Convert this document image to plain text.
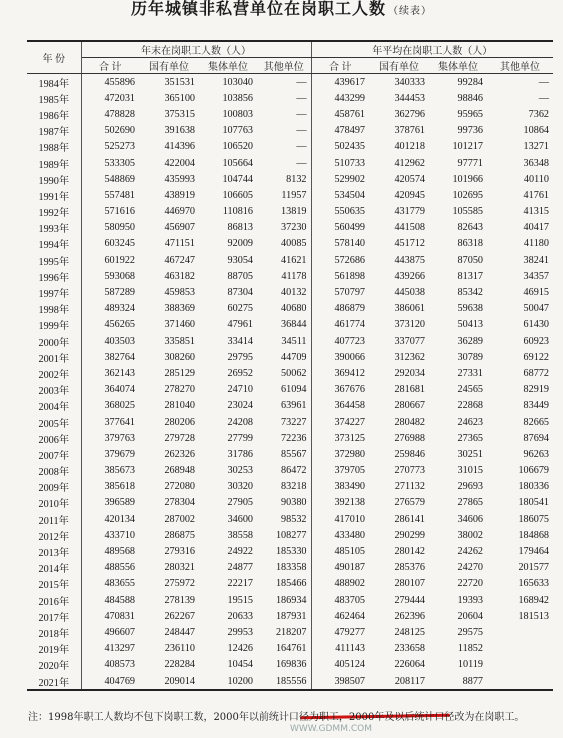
历年城镇非私营单位在岗职工人数 （续表）
年 份	年末在岗职工人数（人）				年平均在岗职工人数（人）			
	合 计	国有单位	集体单位	其他单位	合 计	国有单位	集体单位	其他单位
1984年	455896	351531	103040	—	439617	340333	99284	—
1985年	472031	365100	103856	—	443299	344453	98846	—
1986年	478828	375315	100803	—	458761	362796	95965	7362
1987年	502690	391638	107763	—	478497	378761	99736	10864
1988年	525273	414396	106520	—	502435	401218	101217	13271
1989年	533305	422004	105664	—	510733	412962	97771	36348
1990年	548869	435993	104744	8132	529902	420574	101966	40110
1991年	557481	438919	106605	11957	534504	420945	102695	41761
1992年	571616	446970	110816	13819	550635	431779	105585	41315
1993年	580950	456907	86813	37230	560499	441508	82643	40417
1994年	603245	471151	92009	40085	578140	451712	86318	41180
1995年	601922	467247	93054	41621	572686	443875	87050	38241
1996年	593068	463182	88705	41178	561898	439266	81317	34357
1997年	587289	459853	87304	40132	570797	445038	85342	46915
1998年	489324	388369	60275	40680	486879	386061	59638	50047
1999年	456265	371460	47961	36844	461774	373120	50413	61430
2000年	403503	335851	33414	34511	407723	337077	36289	60923
2001年	382764	308260	29795	44709	390066	312362	30789	69122
2002年	362143	285129	26952	50062	369412	292034	27331	68772
2003年	364074	278270	24710	61094	367676	281681	24565	82919
2004年	368025	281040	23024	63961	364458	280667	22868	83449
2005年	377641	280206	24208	73227	374227	280482	24623	82665
2006年	379763	279728	27799	72236	373125	276988	27365	87694
2007年	379679	262326	31786	85567	372980	259846	30251	96263
2008年	385673	268948	30253	86472	379705	270773	31015	106679
2009年	385618	272080	30320	83218	383490	271132	29693	180336
2010年	396589	278304	27905	90380	392138	276579	27865	180541
2011年	420134	287002	34600	98532	417010	286141	34606	186075
2012年	433710	286875	38558	108277	433480	290299	38002	184868
2013年	489568	279316	24922	185330	485105	280142	24262	179464
2014年	488556	280321	24877	183358	490187	285376	24270	201577
2015年	483655	275972	22217	185466	488902	280107	22720	165633
2016年	484588	278139	19515	186934	483705	279444	19393	168942
2017年	470831	262267	20633	187931	462464	262396	20604	181513
2018年	496607	248447	29953	218207	479277	248125	29575	
2019年	413297	236110	12426	164761	411143	233658	11852	
2020年	408573	228284	10454	169836	405124	226064	10119	
2021年	404769	209014	10200	185556	398507	208117	8877	
注：1998年职工人数均不包下岗职工数，2000年以前统计口径为职工，2000年及以后统计口径改为在岗职工。
WWW.GDMM.COM
